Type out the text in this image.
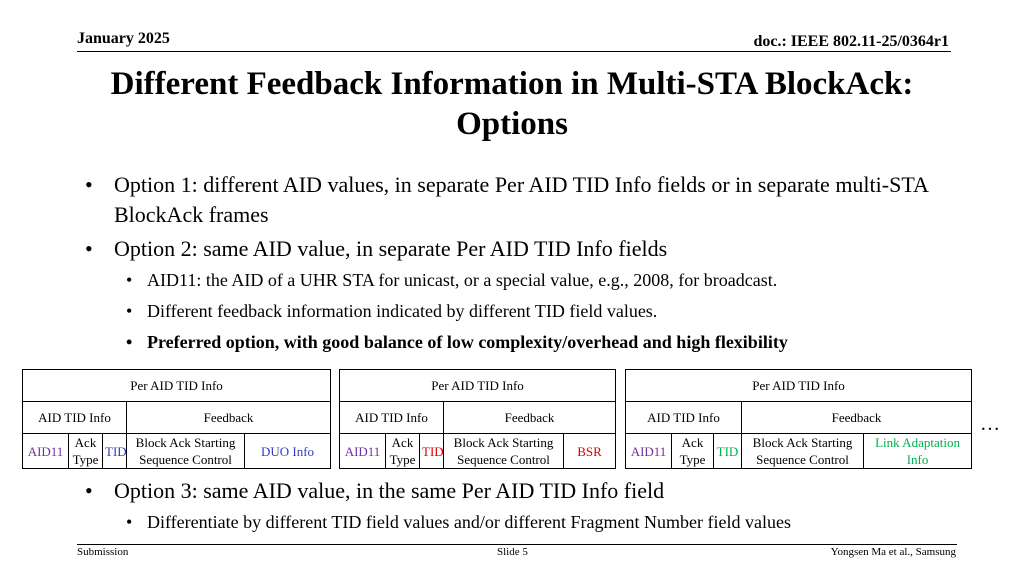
January 2025	doc.: IEEE 802.11-25/0364r1
Different Feedback Information in Multi-STA BlockAck:
Options
• Option 1: different AID values, in separate Per AID TID Info fields or in separate multi-STA BlockAck frames
• Option 2: same AID value, in separate Per AID TID Info fields
• AID11: the AID of a UHR STA for unicast, or a special value, e.g., 2008, for broadcast.
• Different feedback information indicated by different TID field values.
• Preferred option, with good balance of low complexity/overhead and high flexibility
Per AID TID Info				
AID TID Info			Feedback	
AID11	Ack Type	TID	Block Ack Starting Sequence Control	DUO Info
Per AID TID Info				
AID TID Info			Feedback	
AID11	Ack Type	TID	Block Ack Starting Sequence Control	BSR
Per AID TID Info				
AID TID Info			Feedback	
AID11	Ack Type	TID	Block Ack Starting Sequence Control	Link Adaptation Info
…
• Option 3: same AID value, in the same Per AID TID Info field
• Differentiate by different TID field values and/or different Fragment Number field values
Submission	Slide 5	Yongsen Ma et al., Samsung
